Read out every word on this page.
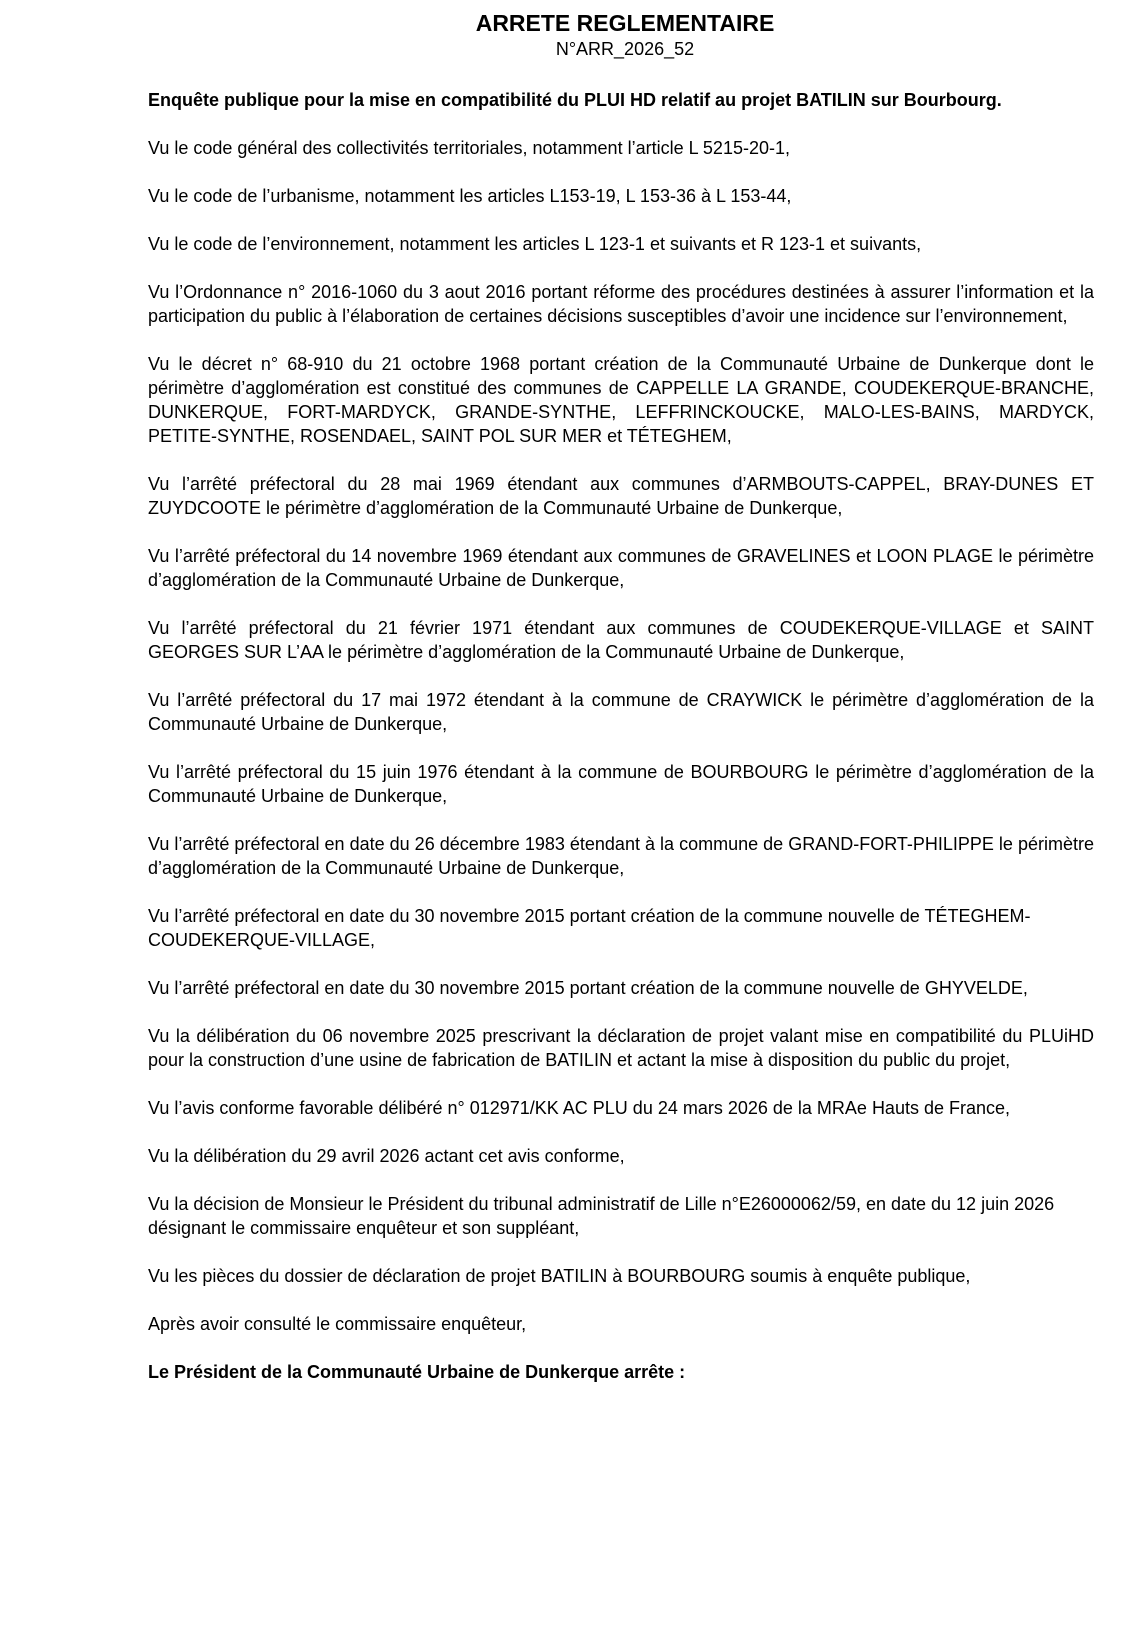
ARRETE REGLEMENTAIRE

N°ARR_2026_52

Enquête publique pour la mise en compatibilité du PLUI HD relatif au projet BATILIN sur Bourbourg.

Vu le code général des collectivités territoriales, notamment l’article L 5215-20-1,

Vu le code de l’urbanisme, notamment les articles L153-19, L 153-36 à L 153-44,

Vu le code de l’environnement, notamment les articles L 123-1 et suivants et R 123-1 et suivants,

Vu l’Ordonnance n° 2016-1060 du 3 aout 2016 portant réforme des procédures destinées à assurer l’information et la participation du public à l’élaboration de certaines décisions susceptibles d’avoir une incidence sur l’environnement,

Vu le décret n° 68-910 du 21 octobre 1968 portant création de la Communauté Urbaine de Dunkerque dont le périmètre d’agglomération est constitué des communes de CAPPELLE LA GRANDE, COUDEKERQUE-BRANCHE, DUNKERQUE, FORT-MARDYCK, GRANDE-SYNTHE, LEFFRINCKOUCKE, MALO-LES-BAINS, MARDYCK, PETITE-SYNTHE, ROSENDAEL, SAINT POL SUR MER et TÉTEGHEM,

Vu l’arrêté préfectoral du 28 mai 1969 étendant aux communes d’ARMBOUTS-CAPPEL, BRAY-DUNES ET ZUYDCOOTE le périmètre d’agglomération de la Communauté Urbaine de Dunkerque,

Vu l’arrêté préfectoral du 14 novembre 1969 étendant aux communes de GRAVELINES et LOON PLAGE le périmètre d’agglomération de la Communauté Urbaine de Dunkerque,

Vu l’arrêté préfectoral du 21 février 1971 étendant aux communes de COUDEKERQUE-VILLAGE et SAINT GEORGES SUR L’AA le périmètre d’agglomération de la Communauté Urbaine de Dunkerque,

Vu l’arrêté préfectoral du 17 mai 1972 étendant à la commune de CRAYWICK le périmètre d’agglomération de la Communauté Urbaine de Dunkerque,

Vu l’arrêté préfectoral du 15 juin 1976 étendant à la commune de BOURBOURG le périmètre d’agglomération de la Communauté Urbaine de Dunkerque,

Vu l’arrêté préfectoral en date du 26 décembre 1983 étendant à la commune de GRAND-FORT-PHILIPPE le périmètre d’agglomération de la Communauté Urbaine de Dunkerque,

Vu l’arrêté préfectoral en date du 30 novembre 2015 portant création de la commune nouvelle de TÉTEGHEM-COUDEKERQUE-VILLAGE,

Vu l’arrêté préfectoral en date du 30 novembre 2015 portant création de la commune nouvelle de GHYVELDE,

Vu la délibération du 06 novembre 2025 prescrivant la déclaration de projet valant mise en compatibilité du PLUiHD pour la construction d’une usine de fabrication de BATILIN et actant la mise à disposition du public du projet,

Vu l’avis conforme favorable délibéré n° 012971/KK AC PLU du 24 mars 2026 de la MRAe Hauts de France,

Vu la délibération du 29 avril 2026 actant cet avis conforme,

Vu la décision de Monsieur le Président du tribunal administratif de Lille n°E26000062/59, en date du 12 juin 2026 désignant le commissaire enquêteur et son suppléant,

Vu les pièces du dossier de déclaration de projet BATILIN à BOURBOURG soumis à enquête publique,

Après avoir consulté le commissaire enquêteur,

Le Président de la Communauté Urbaine de Dunkerque arrête :
